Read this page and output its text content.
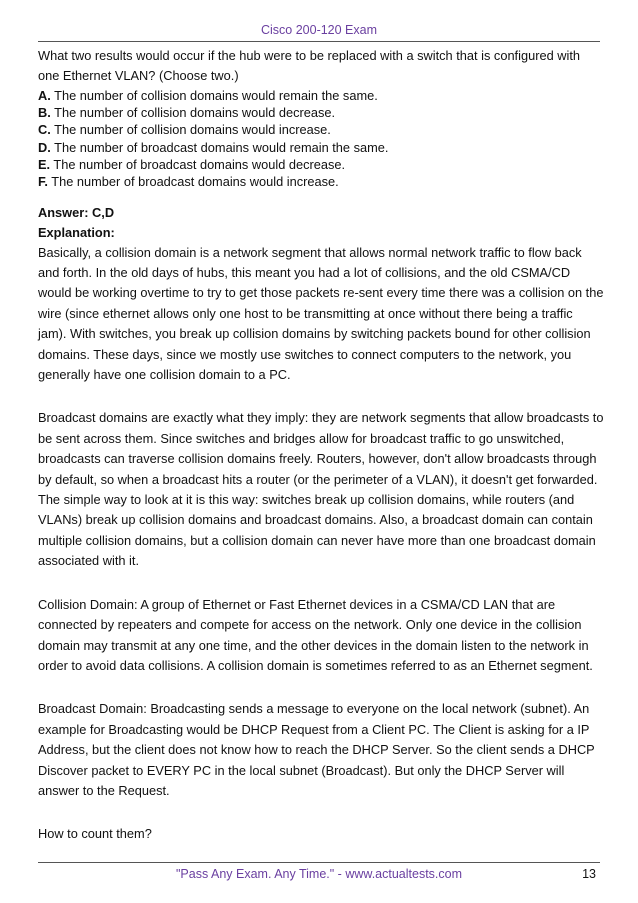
Cisco 200-120 Exam

What two results would occur if the hub were to be replaced with a switch that is configured with one Ethernet VLAN? (Choose two.)

A. The number of collision domains would remain the same.
B. The number of collision domains would decrease.
C. The number of collision domains would increase.
D. The number of broadcast domains would remain the same.
E. The number of broadcast domains would decrease.
F. The number of broadcast domains would increase.
Answer: C,D
Explanation:

Basically, a collision domain is a network segment that allows normal network traffic to flow back and forth. In the old days of hubs, this meant you had a lot of collisions, and the old CSMA/CD would be working overtime to try to get those packets re-sent every time there was a collision on the wire (since ethernet allows only one host to be transmitting at once without there being a traffic jam). With switches, you break up collision domains by switching packets bound for other collision domains. These days, since we mostly use switches to connect computers to the network, you generally have one collision domain to a PC.

Broadcast domains are exactly what they imply: they are network segments that allow broadcasts to be sent across them. Since switches and bridges allow for broadcast traffic to go unswitched, broadcasts can traverse collision domains freely. Routers, however, don't allow broadcasts through by default, so when a broadcast hits a router (or the perimeter of a VLAN), it doesn't get forwarded. The simple way to look at it is this way: switches break up collision domains, while routers (and VLANs) break up collision domains and broadcast domains. Also, a broadcast domain can contain multiple collision domains, but a collision domain can never have more than one broadcast domain associated with it.

Collision Domain: A group of Ethernet or Fast Ethernet devices in a CSMA/CD LAN that are connected by repeaters and compete for access on the network. Only one device in the collision domain may transmit at any one time, and the other devices in the domain listen to the network in order to avoid data collisions. A collision domain is sometimes referred to as an Ethernet segment.

Broadcast Domain: Broadcasting sends a message to everyone on the local network (subnet). An example for Broadcasting would be DHCP Request from a Client PC. The Client is asking for a IP Address, but the client does not know how to reach the DHCP Server. So the client sends a DHCP Discover packet to EVERY PC in the local subnet (Broadcast). But only the DHCP Server will answer to the Request.

How to count them?

"Pass Any Exam. Any Time." - www.actualtests.com	13
